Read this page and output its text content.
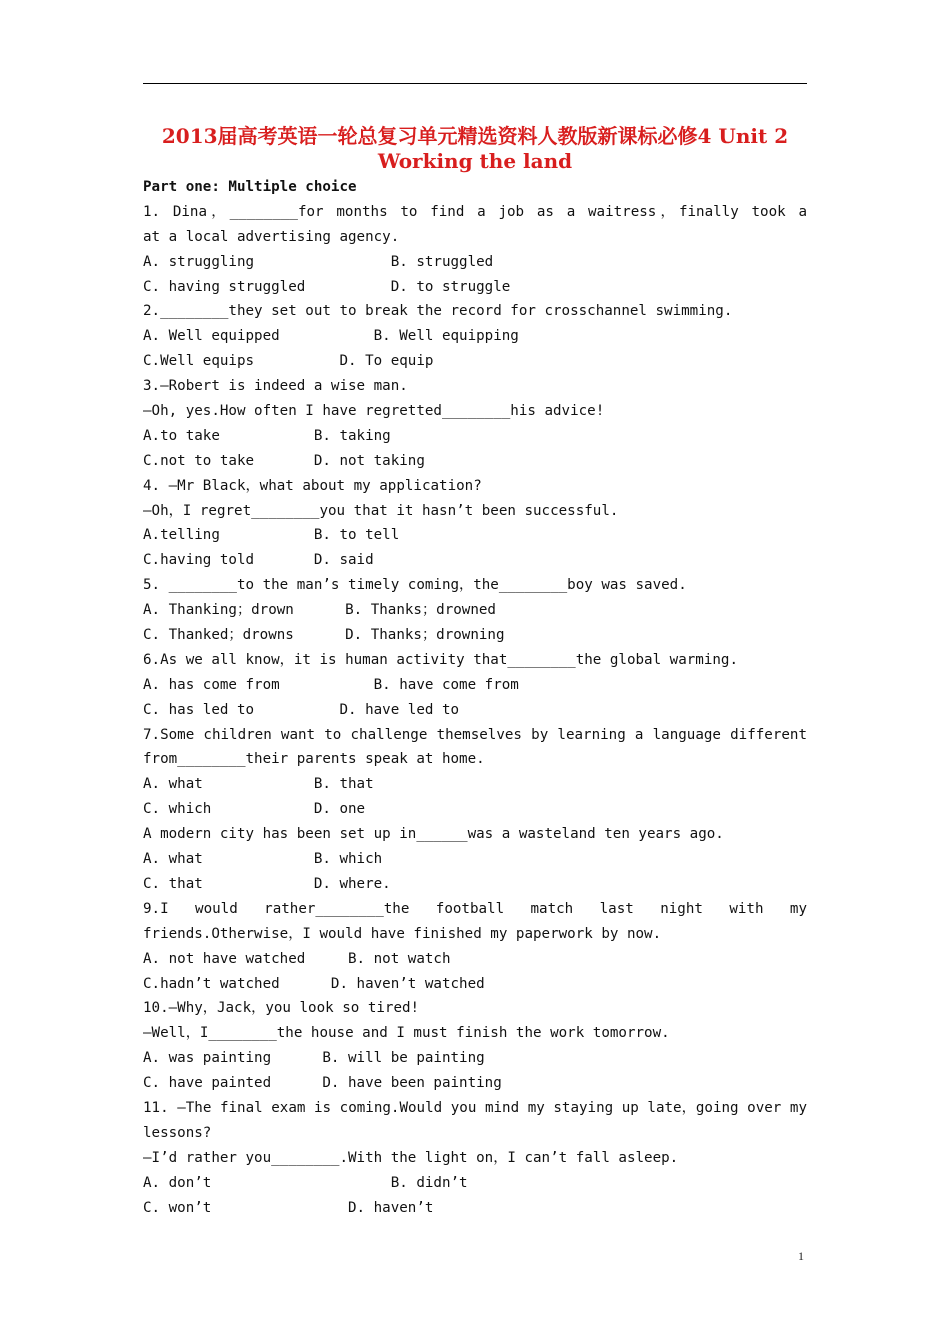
2013届高考英语一轮总复习单元精选资料人教版新课标必修4 Unit 2 Working the land
Part one: Multiple choice
1. Dina，________for months to find a job as a waitress，finally took a
at a local advertising agency.
A. struggling                B. struggled
C. having struggled          D. to struggle
2.________they set out to break the record for crosschannel swimming.
A. Well equipped           B. Well equipping
C.Well equips          D. To equip
3.—Robert is indeed a wise man.
—Oh, yes.How often I have regretted________his advice!
A.to take           B. taking
C.not to take       D. not taking
4. —Mr Black，what about my application?
—Oh，I regret________you that it hasn’t been successful.
A.telling           B. to tell
C.having told       D. said
5. ________to the man’s timely coming，the________boy was saved.
A. Thanking；drown      B. Thanks；drowned
C. Thanked；drowns      D. Thanks；drowning
6.As we all know，it is human activity that________the global warming.
A. has come from           B. have come from
C. has led to          D. have led to
7.Some children want to challenge themselves by learning a language different
from________their parents speak at home.
A. what             B. that
C. which            D. one
A modern city has been set up in______was a wasteland ten years ago.
A. what             B. which
C. that             D. where.
9.I would rather________the football match last night with my
friends.Otherwise，I would have finished my paperwork by now.
A. not have watched     B. not watch
C.hadn’t watched      D. haven’t watched
10.—Why，Jack，you look so tired!
—Well，I________the house and I must finish the work tomorrow.
A. was painting      B. will be painting
C. have painted      D. have been painting
11. —The final exam is coming.Would you mind my staying up late，going over my
lessons?
—I’d rather you________.With the light on，I can’t fall asleep.
A. don’t                     B. didn’t
C. won’t                D. haven’t
1
